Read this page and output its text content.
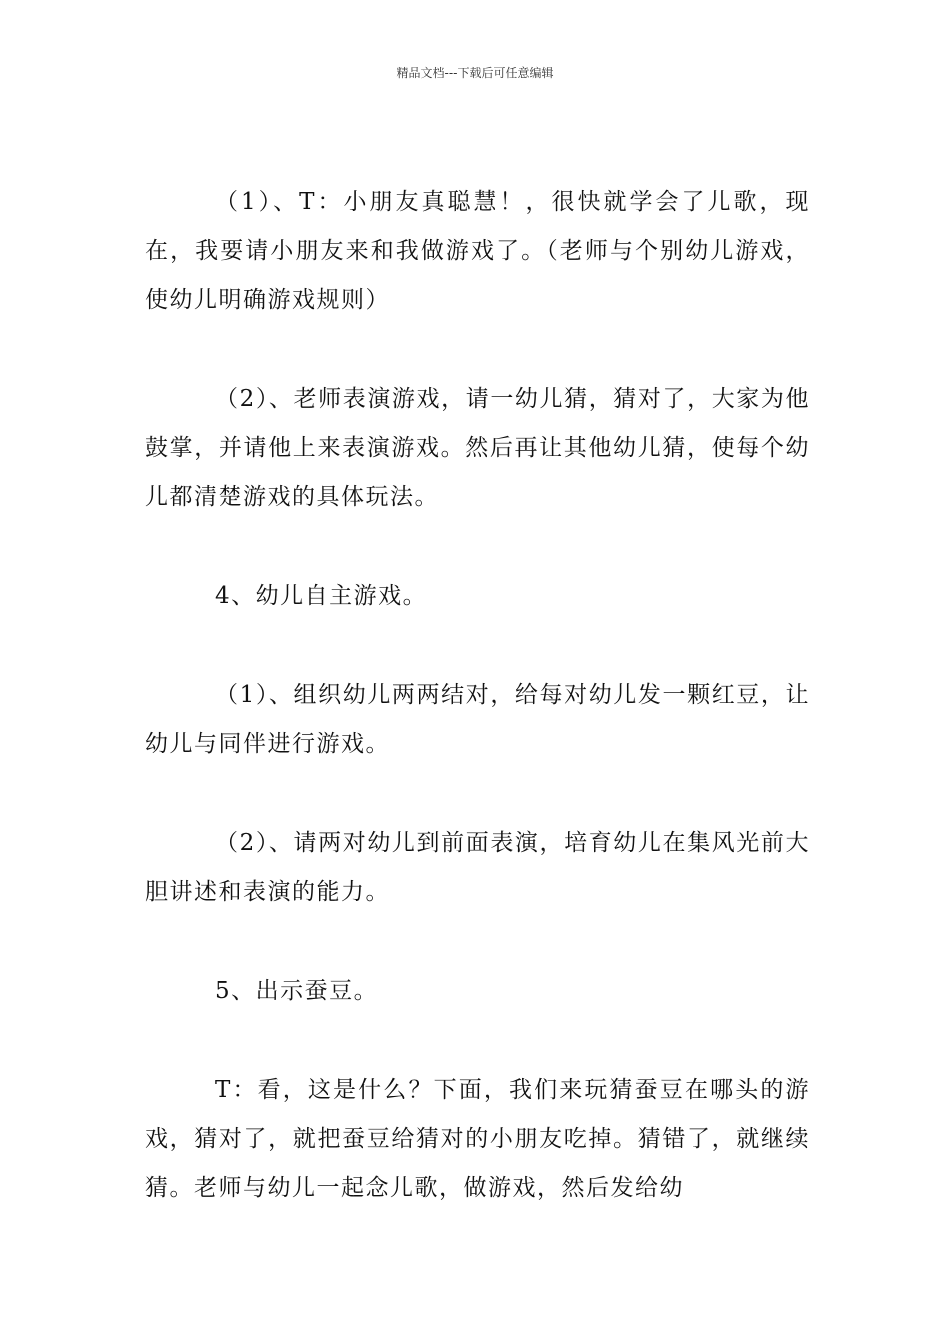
精品文档---下载后可任意编辑

（1）、T：小朋友真聪慧！，很快就学会了儿歌，现在，我要请小朋友来和我做游戏了。（老师与个别幼儿游戏，使幼儿明确游戏规则）

（2）、老师表演游戏，请一幼儿猜，猜对了，大家为他鼓掌，并请他上来表演游戏。然后再让其他幼儿猜，使每个幼儿都清楚游戏的具体玩法。

4、幼儿自主游戏。

（1）、组织幼儿两两结对，给每对幼儿发一颗红豆，让幼儿与同伴进行游戏。

（2）、请两对幼儿到前面表演，培育幼儿在集风光前大胆讲述和表演的能力。

5、出示蚕豆。

T：看，这是什么？下面，我们来玩猜蚕豆在哪头的游戏，猜对了，就把蚕豆给猜对的小朋友吃掉。猜错了，就继续猜。老师与幼儿一起念儿歌，做游戏，然后发给幼
